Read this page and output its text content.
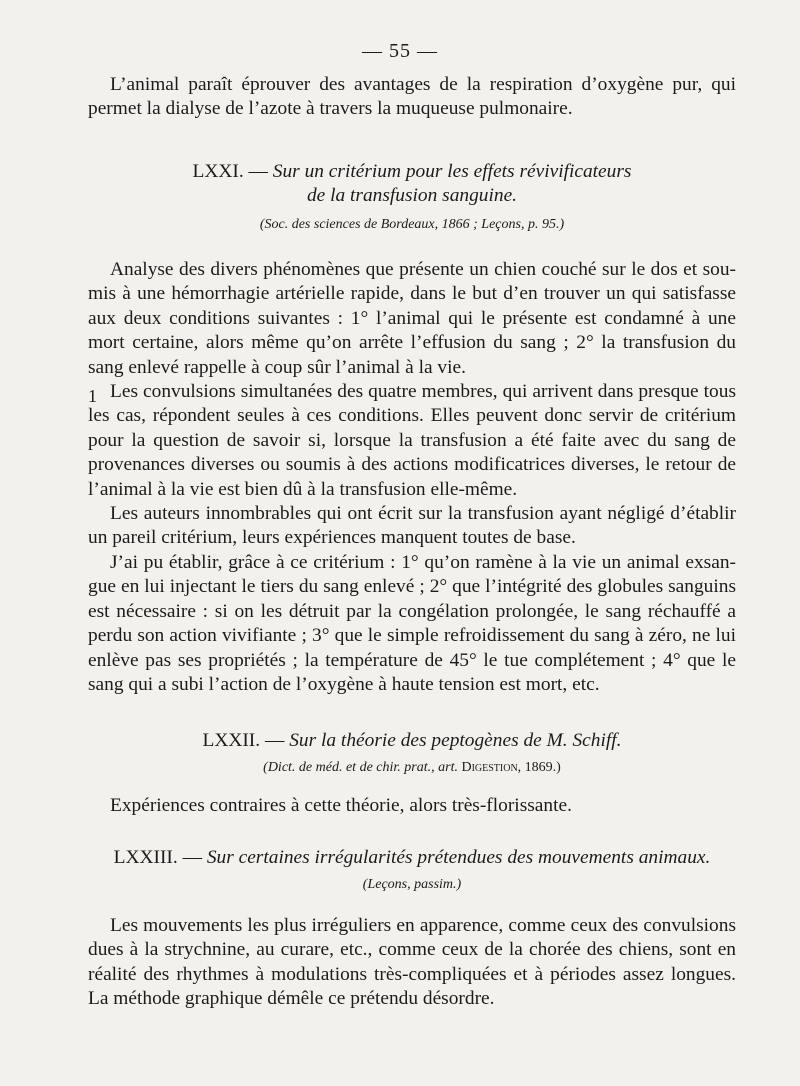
— 55 —

L’animal paraît éprouver des avantages de la respiration d’oxygène pur, qui permet la dialyse de l’azote à travers la muqueuse pulmonaire.

LXXI. — Sur un critérium pour les effets révivificateurs

de la transfusion sanguine.

(Soc. des sciences de Bordeaux, 1866 ; Leçons, p. 95.)

Analyse des divers phénomènes que présente un chien couché sur le dos et soumis à une hémorrhagie artérielle rapide, dans le but d’en trouver un qui satisfasse aux deux conditions suivantes : 1° l’animal qui le présente est condamné à une mort certaine, alors même qu’on arrête l’effusion du sang ; 2° la transfusion du sang enlevé rappelle à coup sûr l’animal à la vie.

Les convulsions simultanées des quatre membres, qui arrivent dans presque tous les cas, répondent seules à ces conditions. Elles peuvent donc servir de critérium pour la question de savoir si, lorsque la transfusion a été faite avec du sang de provenances diverses ou soumis à des actions modificatrices diverses, le retour de l’animal à la vie est bien dû à la transfusion elle-même.

Les auteurs innombrables qui ont écrit sur la transfusion ayant négligé d’établir un pareil critérium, leurs expériences manquent toutes de base.

J’ai pu établir, grâce à ce critérium : 1° qu’on ramène à la vie un animal exsangue en lui injectant le tiers du sang enlevé ; 2° que l’intégrité des globules sanguins est nécessaire : si on les détruit par la congélation prolongée, le sang réchauffé a perdu son action vivifiante ; 3° que le simple refroidissement du sang à zéro, ne lui enlève pas ses propriétés ; la température de 45° le tue complétement ; 4° que le sang qui a subi l’action de l’oxygène à haute tension est mort, etc.

1

LXXII. — Sur la théorie des peptogènes de M. Schiff.

(Dict. de méd. et de chir. prat., art. Digestion, 1869.)

Expériences contraires à cette théorie, alors très-florissante.

LXXIII. — Sur certaines irrégularités prétendues des mouvements animaux.

(Leçons, passim.)

Les mouvements les plus irréguliers en apparence, comme ceux des convulsions dues à la strychnine, au curare, etc., comme ceux de la chorée des chiens, sont en réalité des rhythmes à modulations très-compliquées et à périodes assez longues. La méthode graphique démêle ce prétendu désordre.
